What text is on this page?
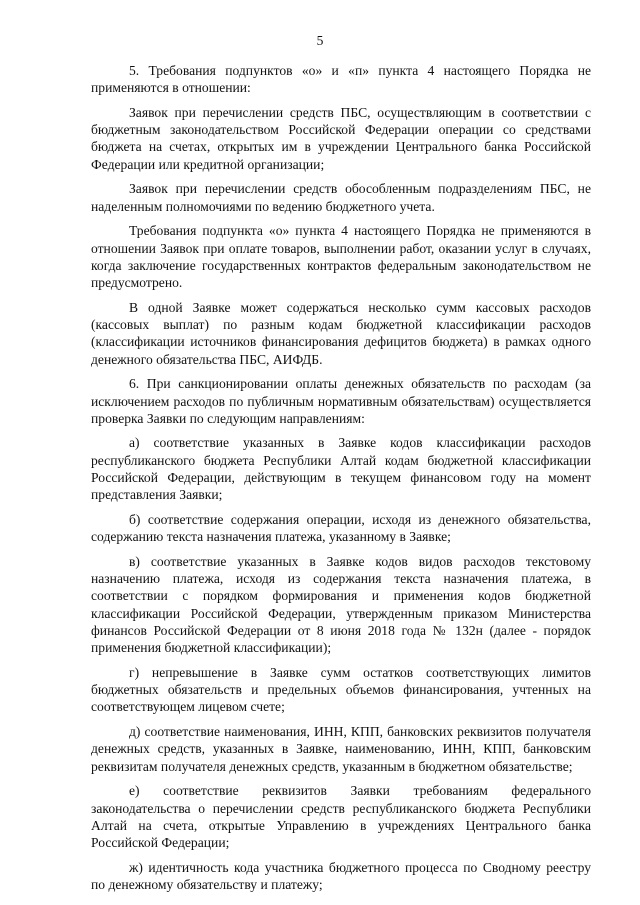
5

5. Требования подпунктов «о» и «п» пункта 4 настоящего Порядка не применяются в отношении:

Заявок при перечислении средств ПБС, осуществляющим в соответствии с бюджетным законодательством Российской Федерации операции со средствами бюджета на счетах, открытых им в учреждении Центрального банка Российской Федерации или кредитной организации;

Заявок при перечислении средств обособленным подразделениям ПБС, не наделенным полномочиями по ведению бюджетного учета.

Требования подпункта «о» пункта 4 настоящего Порядка не применяются в отношении Заявок при оплате товаров, выполнении работ, оказании услуг в случаях, когда заключение государственных контрактов федеральным законодательством не предусмотрено.

В одной Заявке может содержаться несколько сумм кассовых расходов (кассовых выплат) по разным кодам бюджетной классификации расходов (классификации источников финансирования дефицитов бюджета) в рамках одного денежного обязательства ПБС, АИФДБ.

6. При санкционировании оплаты денежных обязательств по расходам (за исключением расходов по публичным нормативным обязательствам) осуществляется проверка Заявки по следующим направлениям:

а) соответствие указанных в Заявке кодов классификации расходов республиканского бюджета Республики Алтай кодам бюджетной классификации Российской Федерации, действующим в текущем финансовом году на момент представления Заявки;

б) соответствие содержания операции, исходя из денежного обязательства, содержанию текста назначения платежа, указанному в Заявке;

в) соответствие указанных в Заявке кодов видов расходов текстовому назначению платежа, исходя из содержания текста назначения платежа, в соответствии с порядком формирования и применения кодов бюджетной классификации Российской Федерации, утвержденным приказом Министерства финансов Российской Федерации от 8 июня 2018 года № 132н (далее - порядок применения бюджетной классификации);

г) непревышение в Заявке сумм остатков соответствующих лимитов бюджетных обязательств и предельных объемов финансирования, учтенных на соответствующем лицевом счете;

д) соответствие наименования, ИНН, КПП, банковских реквизитов получателя денежных средств, указанных в Заявке, наименованию, ИНН, КПП, банковским реквизитам получателя денежных средств, указанным в бюджетном обязательстве;

е) соответствие реквизитов Заявки требованиям федерального законодательства о перечислении средств республиканского бюджета Республики Алтай на счета, открытые Управлению в учреждениях Центрального банка Российской Федерации;

ж) идентичность кода участника бюджетного процесса по Сводному реестру по денежному обязательству и платежу;
